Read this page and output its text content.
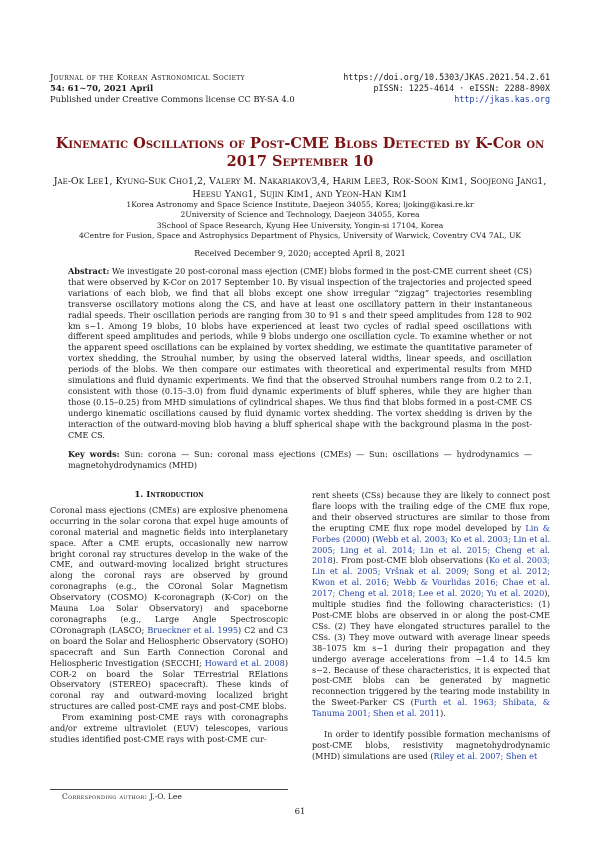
Journal of the Korean Astronomical Society
54: 61∼70, 2021 April
Published under Creative Commons license CC BY-SA 4.0
https://doi.org/10.5303/JKAS.2021.54.2.61
pISSN: 1225-4614 · eISSN: 2288-890X
http://jkas.kas.org
Kinematic Oscillations of Post-CME Blobs Detected by K-Cor on 2017 September 10
Jae-Ok Lee1, Kyung-Suk Cho1,2, Valery M. Nakariakov3,4, Harim Lee3, Rok-Soon Kim1, Soojeong Jang1, Heesu Yang1, Sujin Kim1, and Yeon-Han Kim1
1Korea Astronomy and Space Science Institute, Daejeon 34055, Korea; ljoking@kasi.re.kr
2University of Science and Technology, Daejeon 34055, Korea
3School of Space Research, Kyung Hee University, Yongin-si 17104, Korea
4Centre for Fusion, Space and Astrophysics Department of Physics, University of Warwick, Coventry CV4 7AL, UK
Received December 9, 2020; accepted April 8, 2021
Abstract: We investigate 20 post-coronal mass ejection (CME) blobs formed in the post-CME current sheet (CS) that were observed by K-Cor on 2017 September 10. By visual inspection of the trajectories and projected speed variations of each blob, we find that all blobs except one show irregular “zigzag” trajectories resembling transverse oscillatory motions along the CS, and have at least one oscillatory pattern in their instantaneous radial speeds. Their oscillation periods are ranging from 30 to 91 s and their speed amplitudes from 128 to 902 km s−1. Among 19 blobs, 10 blobs have experienced at least two cycles of radial speed oscillations with different speed amplitudes and periods, while 9 blobs undergo one oscillation cycle. To examine whether or not the apparent speed oscillations can be explained by vortex shedding, we estimate the quantitative parameter of vortex shedding, the Strouhal number, by using the observed lateral widths, linear speeds, and oscillation periods of the blobs. We then compare our estimates with theoretical and experimental results from MHD simulations and fluid dynamic experiments. We find that the observed Strouhal numbers range from 0.2 to 2.1, consistent with those (0.15–3.0) from fluid dynamic experiments of bluff spheres, while they are higher than those (0.15–0.25) from MHD simulations of cylindrical shapes. We thus find that blobs formed in a post-CME CS undergo kinematic oscillations caused by fluid dynamic vortex shedding. The vortex shedding is driven by the interaction of the outward-moving blob having a bluff spherical shape with the background plasma in the post-CME CS.
Key words: Sun: corona — Sun: coronal mass ejections (CMEs) — Sun: oscillations — hydrodynamics — magnetohydrodynamics (MHD)
1. Introduction

Coronal mass ejections (CMEs) are explosive phenomena occurring in the solar corona that expel huge amounts of coronal material and magnetic fields into interplanetary space. After a CME erupts, occasionally new narrow bright coronal ray structures develop in the wake of the CME, and outward-moving localized bright structures along the coronal rays are observed by ground coronagraphs (e.g., the COronal Solar Magnetism Observatory (COSMO) K-coronagraph (K-Cor) on the Mauna Loa Solar Observatory) and spaceborne coronagraphs (e.g., Large Angle Spectroscopic COronagraph (LASCO; Brueckner et al. 1995) C2 and C3 on board the Solar and Heliospheric Observatory (SOHO) spacecraft and Sun Earth Connection Coronal and Heliospheric Investigation (SECCHI; Howard et al. 2008) COR-2 on board the Solar TErrestrial RElations Observatory (STEREO) spacecraft). These kinds of coronal ray and outward-moving localized bright structures are called post-CME rays and post-CME blobs.

From examining post-CME rays with coronagraphs and/or extreme ultraviolet (EUV) telescopes, various studies identified post-CME rays with post-CME cur-

rent sheets (CSs) because they are likely to connect post flare loops with the trailing edge of the CME flux rope, and their observed structures are similar to those from the erupting CME flux rope model developed by Lin & Forbes (2000) (Webb et al. 2003; Ko et al. 2003; Lin et al. 2005; Ling et al. 2014; Lin et al. 2015; Cheng et al. 2018). From post-CME blob observations (Ko et al. 2003; Lin et al. 2005; Vršnak et al. 2009; Song et al. 2012; Kwon et al. 2016; Webb & Vourlidas 2016; Chae et al. 2017; Cheng et al. 2018; Lee et al. 2020; Yu et al. 2020), multiple studies find the following characteristics: (1) Post-CME blobs are observed in or along the post-CME CSs. (2) They have elongated structures parallel to the CSs. (3) They move outward with average linear speeds 38–1075 km s−1 during their propagation and they undergo average accelerations from −1.4 to 14.5 km s−2. Because of these characteristics, it is expected that post-CME blobs can be generated by magnetic reconnection triggered by the tearing mode instability in the Sweet-Parker CS (Furth et al. 1963; Shibata, & Tanuma 2001; Shen et al. 2011).

In order to identify possible formation mechanisms of post-CME blobs, resistivity magnetohydrodynamic (MHD) simulations are used (Riley et al. 2007; Shen et

Corresponding author: J.-O. Lee
61
